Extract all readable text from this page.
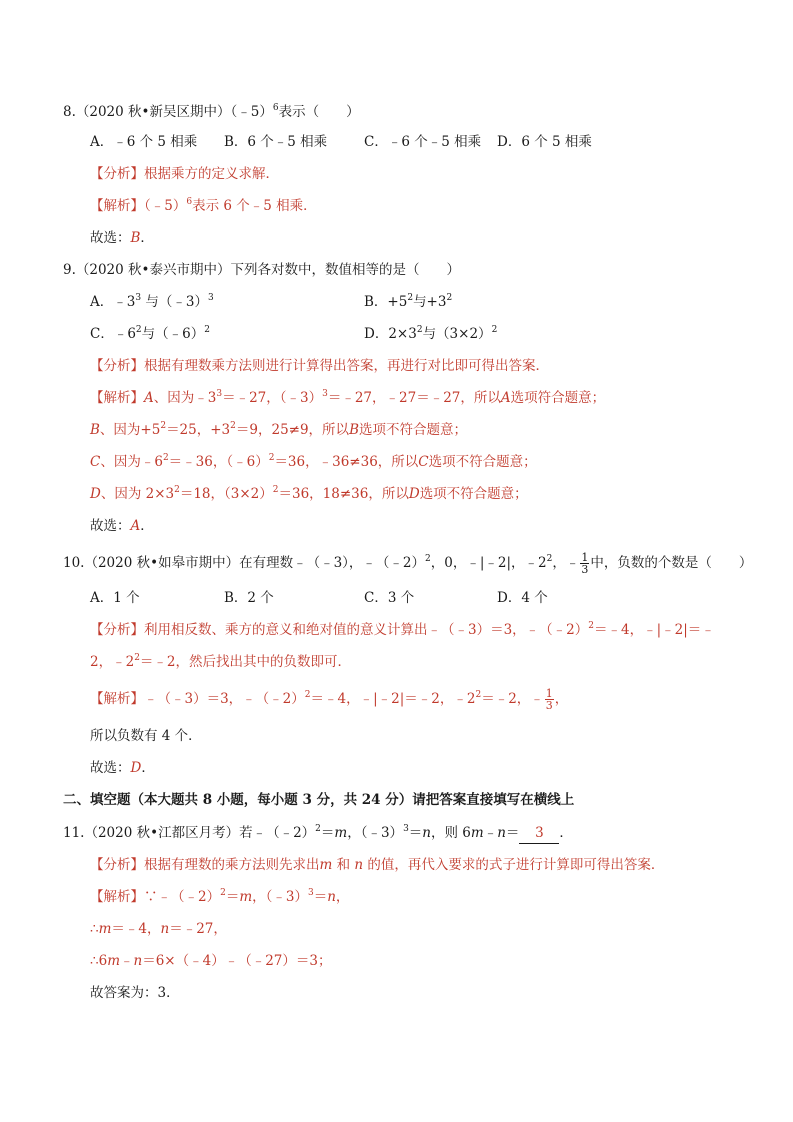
8.（2020 秋•新吴区期中）（﹣5）$^6$表示（　　）
A．﹣6 个 5 相乘 B．6 个﹣5 相乘	C．﹣6 个﹣5 相乘 D．6 个 5 相乘
【分析】根据乘方的定义求解．
【解析】（﹣5）$^6$表示 6 个﹣5 相乘．
故选：B．
9.（2020 秋•泰兴市期中）下列各对数中，数值相等的是（　　）
A．$﹣3^3$ 与（﹣3）$^3$	B．$+5^2$与$+3^2$
C．$﹣6^2$与（﹣6）$^2$	D．$2\times 3^2$与$(3\times 2)^2$
【分析】根据有理数乘方法则进行计算得出答案，再进行对比即可得出答案．
【解析】A、因为$﹣3^3=﹣27$，（﹣3）$^3$＝﹣27，﹣27＝﹣27，所以A选项符合题意；
B、因为$+5^2=25$，$+3^2=9$，25≠9，所以B选项不符合题意；
C、因为$﹣6^2=﹣36$，（﹣6）$^2$＝36，﹣36≠36，所以C选项不符合题意；
D、因为 $2\times 3^2=18$，$(3\times 2)^2=36$，18≠36，所以D选项不符合题意；
故选：A．
10.（2020 秋•如皋市期中）在有理数﹣（﹣3），﹣（﹣2）$^2$，0，﹣|﹣2|，$﹣2^2$，﹣ $\frac{1}{3}$ 中，负数的个数是（　　）
A．1 个	B．2 个	C．3 个	D．4 个
【分析】利用相反数、乘方的意义和绝对值的意义计算出﹣（﹣3）＝3，﹣（﹣2）$^2$＝﹣4，﹣|﹣2|＝﹣
2，$﹣2^2=﹣2$，然后找出其中的负数即可．
【解析】﹣（﹣3）＝3，﹣（﹣2）$^2$＝﹣4，﹣|﹣2|＝﹣2，$﹣2^2=﹣2$，﹣ $\frac{1}{3}$ ，
所以负数有 4 个．
故选：D．
二、填空题（本大题共 8 小题，每小题 3 分，共 24 分）请把答案直接填写在横线上
11.（2020 秋•江都区月考）若﹣（﹣2）$^2$＝m，（﹣3）$^3$＝n，则 6m﹣n＝ 3 ．
【分析】根据有理数的乘方法则先求出m 和 n 的值，再代入要求的式子进行计算即可得出答案．
【解析】∵﹣（﹣2）$^2$＝m，（﹣3）$^3$＝n，
∴m＝﹣4，n＝﹣27，
∴6m﹣n＝6×（﹣4）﹣（﹣27）＝3；
故答案为：3．
